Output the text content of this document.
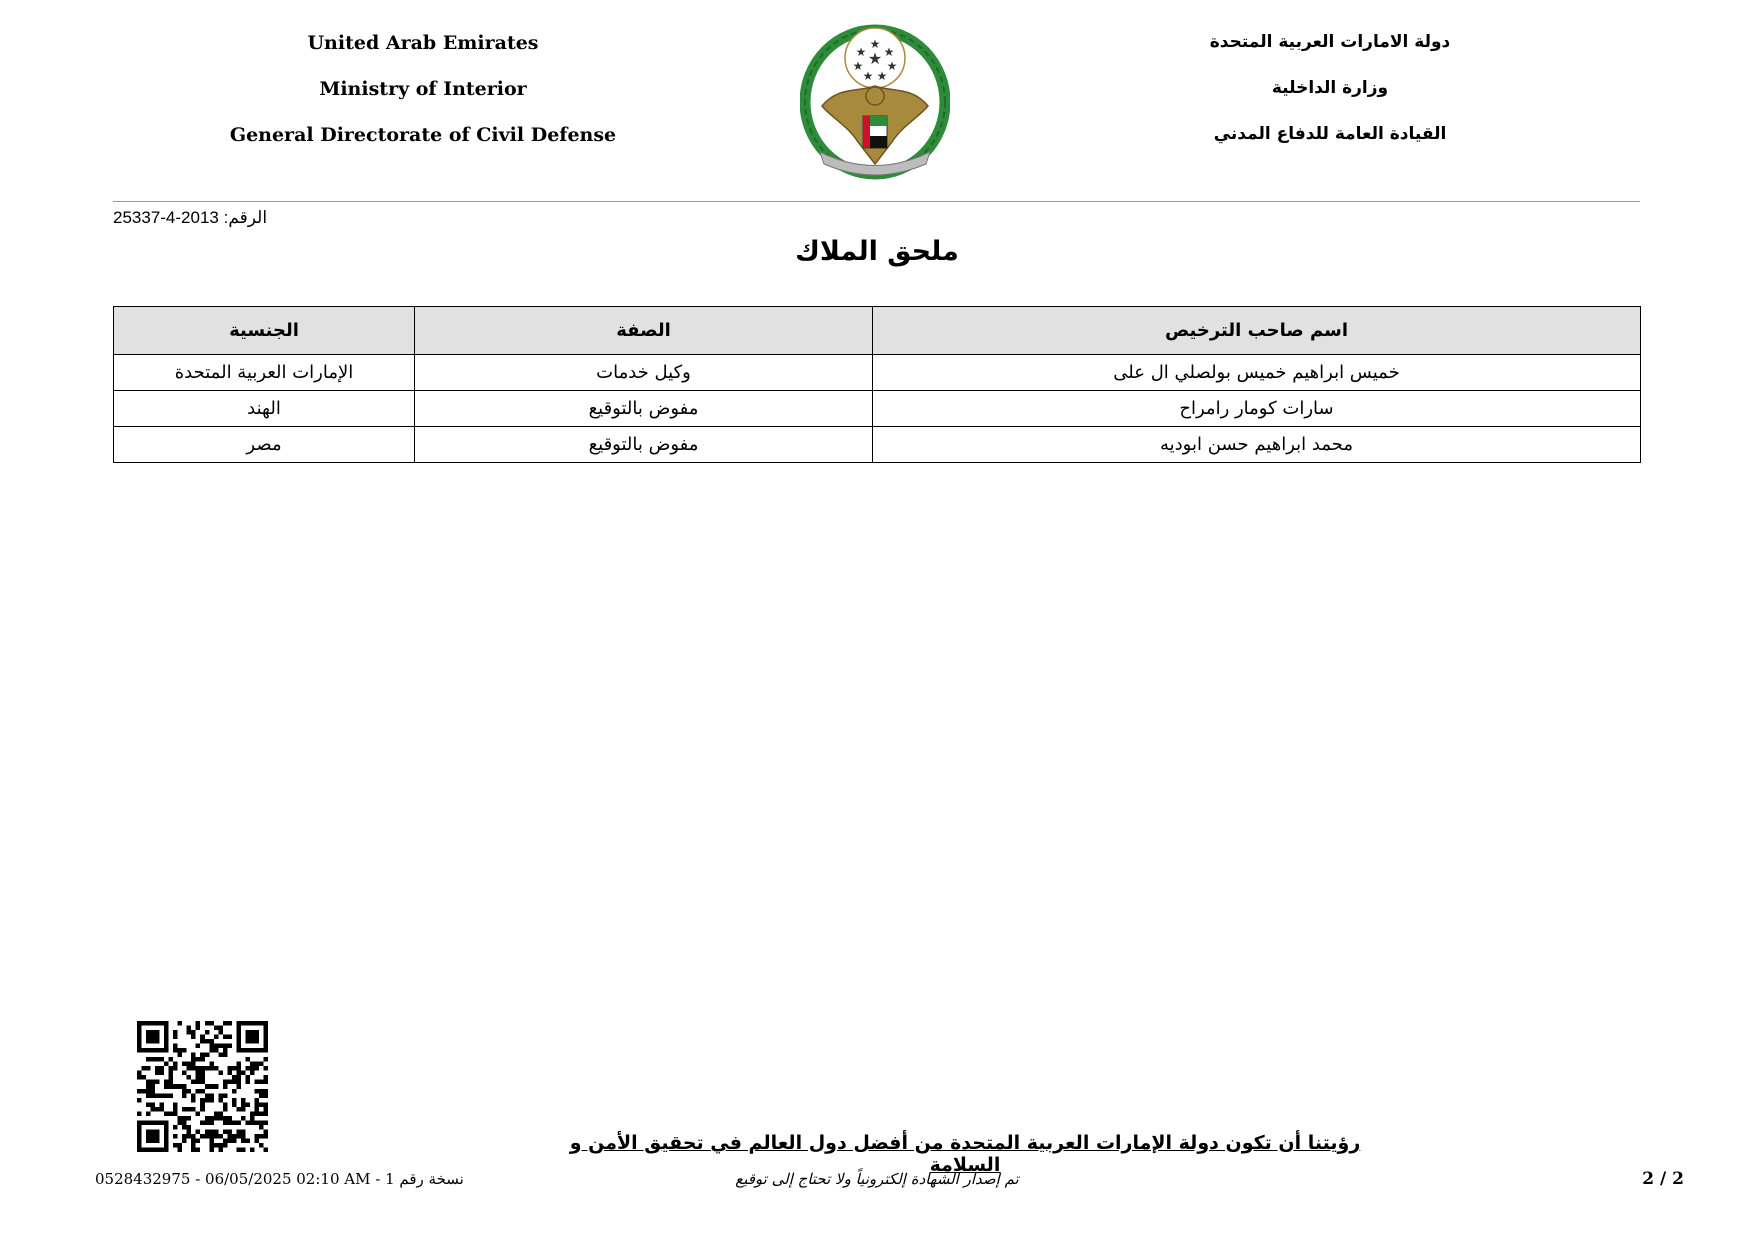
United Arab Emirates
Ministry of Interior
General Directorate of Civil Defense
دولة الامارات العربية المتحدة
وزارة الداخلية
القيادة العامة للدفاع المدني
★
★ ★
★
★ ★
★ ★
25337-4-2013 :الرقم
ملحق الملاك
اسم صاحب الترخيص	الصفة	الجنسية
خميس ابراهيم خميس بولصلي ال على	وكيل خدمات	الإمارات العربية المتحدة
سارات كومار رامراح	مفوض بالتوقيع	الهند
محمد ابراهيم حسن ابوديه	مفوض بالتوقيع	مصر
رؤيتنا أن تكون دولة الإمارات العربية المتحدة من أفضل دول العالم في تحقيق الأمن و السلامة
تم إصدار الشهادة إلكترونياً ولا تحتاج إلى توقيع
0528432975 - 06/05/2025 02:10 AM - نسخة رقم 1	2 / 2
